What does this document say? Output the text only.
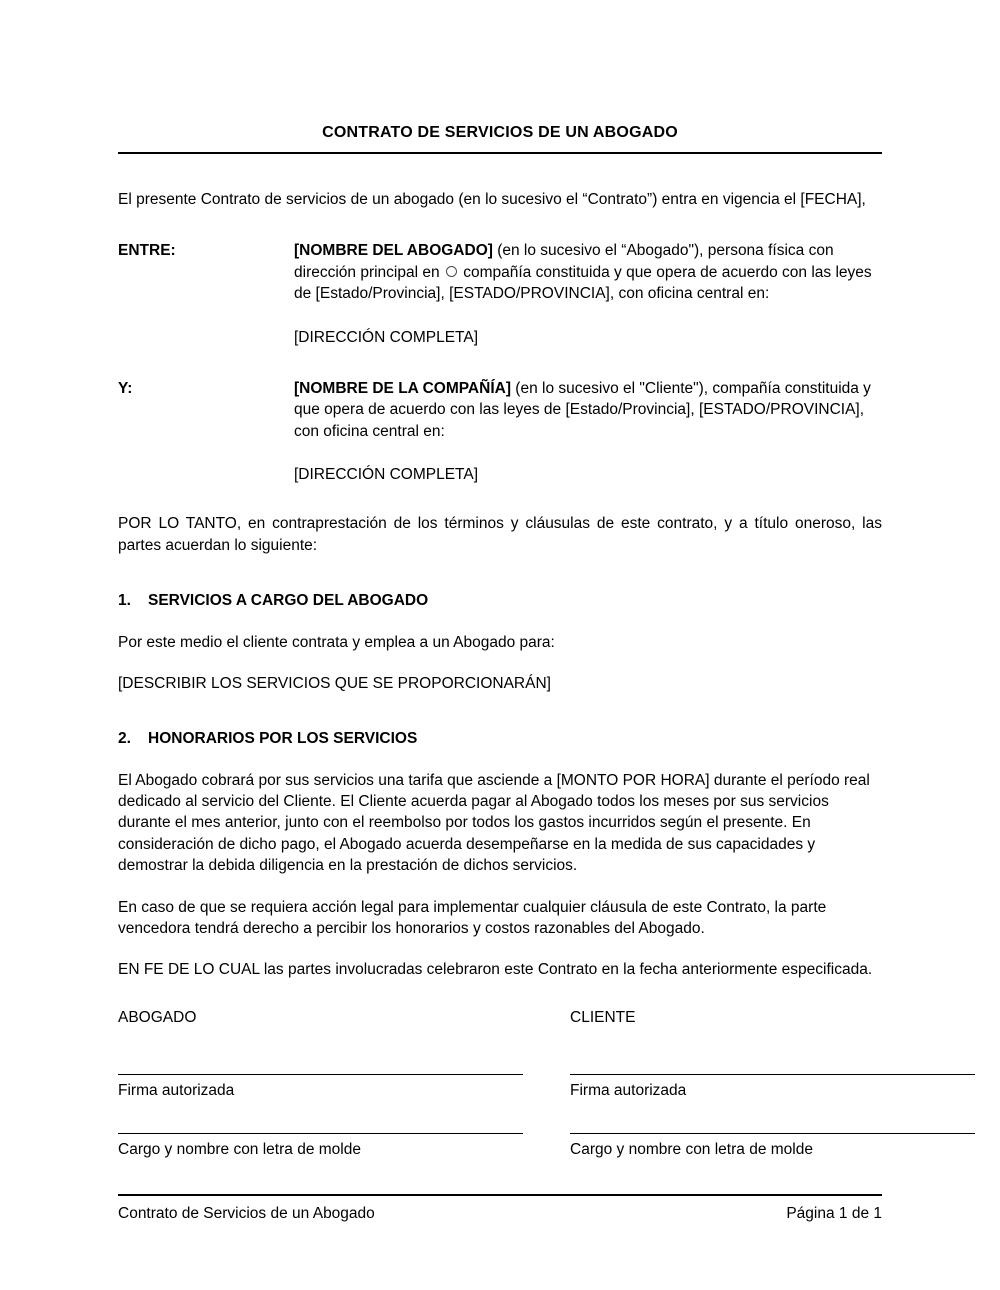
CONTRATO DE SERVICIOS DE UN ABOGADO
El presente Contrato de servicios de un abogado (en lo sucesivo el “Contrato”) entra en vigencia el [FECHA],
ENTRE:	[NOMBRE DEL ABOGADO] (en lo sucesivo el “Abogado"), persona física con dirección principal en  compañía constituida y que opera de acuerdo con las leyes de [Estado/Provincia], [ESTADO/PROVINCIA], con oficina central en:
[DIRECCIÓN COMPLETA]
Y:	[NOMBRE DE LA COMPAÑÍA] (en lo sucesivo el "Cliente"), compañía constituida y que opera de acuerdo con las leyes de [Estado/Provincia], [ESTADO/PROVINCIA], con oficina central en:
[DIRECCIÓN COMPLETA]
POR LO TANTO, en contraprestación de los términos y cláusulas de este contrato, y a título oneroso, las partes acuerdan lo siguiente:
1.	SERVICIOS A CARGO DEL ABOGADO
Por este medio el cliente contrata y emplea a un Abogado para:
[DESCRIBIR LOS SERVICIOS QUE SE PROPORCIONARÁN]
2.	HONORARIOS POR LOS SERVICIOS
El Abogado cobrará por sus servicios una tarifa que asciende a [MONTO POR HORA] durante el período real dedicado al servicio del Cliente. El Cliente acuerda pagar al Abogado todos los meses por sus servicios durante el mes anterior, junto con el reembolso por todos los gastos incurridos según el presente. En consideración de dicho pago, el Abogado acuerda desempeñarse en la medida de sus capacidades y demostrar la debida diligencia en la prestación de dichos servicios.
En caso de que se requiera acción legal para implementar cualquier cláusula de este Contrato, la parte vencedora tendrá derecho a percibir los honorarios y costos razonables del Abogado.
EN FE DE LO CUAL las partes involucradas celebraron este Contrato en la fecha anteriormente especificada.
ABOGADO
Firma autorizada
Cargo y nombre con letra de molde
CLIENTE
Firma autorizada
Cargo y nombre con letra de molde
Contrato de Servicios de un Abogado	Página 1 de 1
